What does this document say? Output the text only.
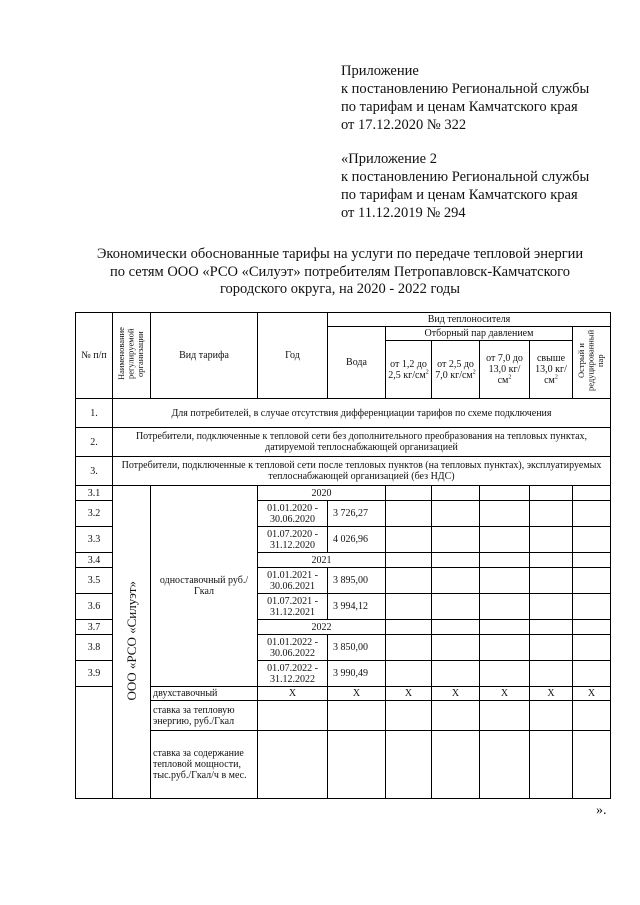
Приложение
к постановлению Региональной службы
по тарифам и ценам Камчатского края
от 17.12.2020 № 322
«Приложение 2
к постановлению Региональной службы
по тарифам и ценам Камчатского края
от 11.12.2019 № 294
Экономически обоснованные тарифы на услуги по передаче тепловой энергии
по сетям ООО «РСО «Силуэт» потребителям Петропавловск-Камчатского
городского округа, на 2020 - 2022 годы
№ п/п	Наименование регулируемой организации	Вид тарифа	Год	Вид теплоносителя					
				Вода	Отборный пар давлением				Острый и редуцированный пар
					от 1,2 до 2,5 $кг/см^2$	от 2,5 до 7,0 $кг/см^2$	от 7,0 до 13,0 $кг/см^2$	свыше 13,0 $кг/см^2$
1.	Для потребителей, в случае отсутствия дифференциации тарифов по схеме подключения								
2.	Потребители, подключенные к тепловой сети без дополнительного преобразования на тепловых пунктах, датируемой теплоснабжающей организацией								
3.	Потребители, подключенные к тепловой сети после тепловых пунктов (на тепловых пунктах), эксплуатируемых теплоснабжающей организацией (без НДС)								
3.1	ООО «РСО «Силуэт»	одноставочный руб./Гкал	2020						
3.2			01.01.2020 - 30.06.2020	3 726,27					
3.3			01.07.2020 - 31.12.2020	4 026,96					
3.4			2021						
3.5			01.01.2021 - 30.06.2021	3 895,00					
3.6			01.07.2021 - 31.12.2021	3 994,12					
3.7			2022						
3.8			01.01.2022 - 30.06.2022	3 850,00					
3.9			01.07.2022 - 31.12.2022	3 990,49					
		двухставочный	X	X	X	X	X	X	X
		ставка за тепловую энергию, руб./Гкал							
		ставка за содержание тепловой мощности, тыс.руб./Гкал/ч в мес.							
».
